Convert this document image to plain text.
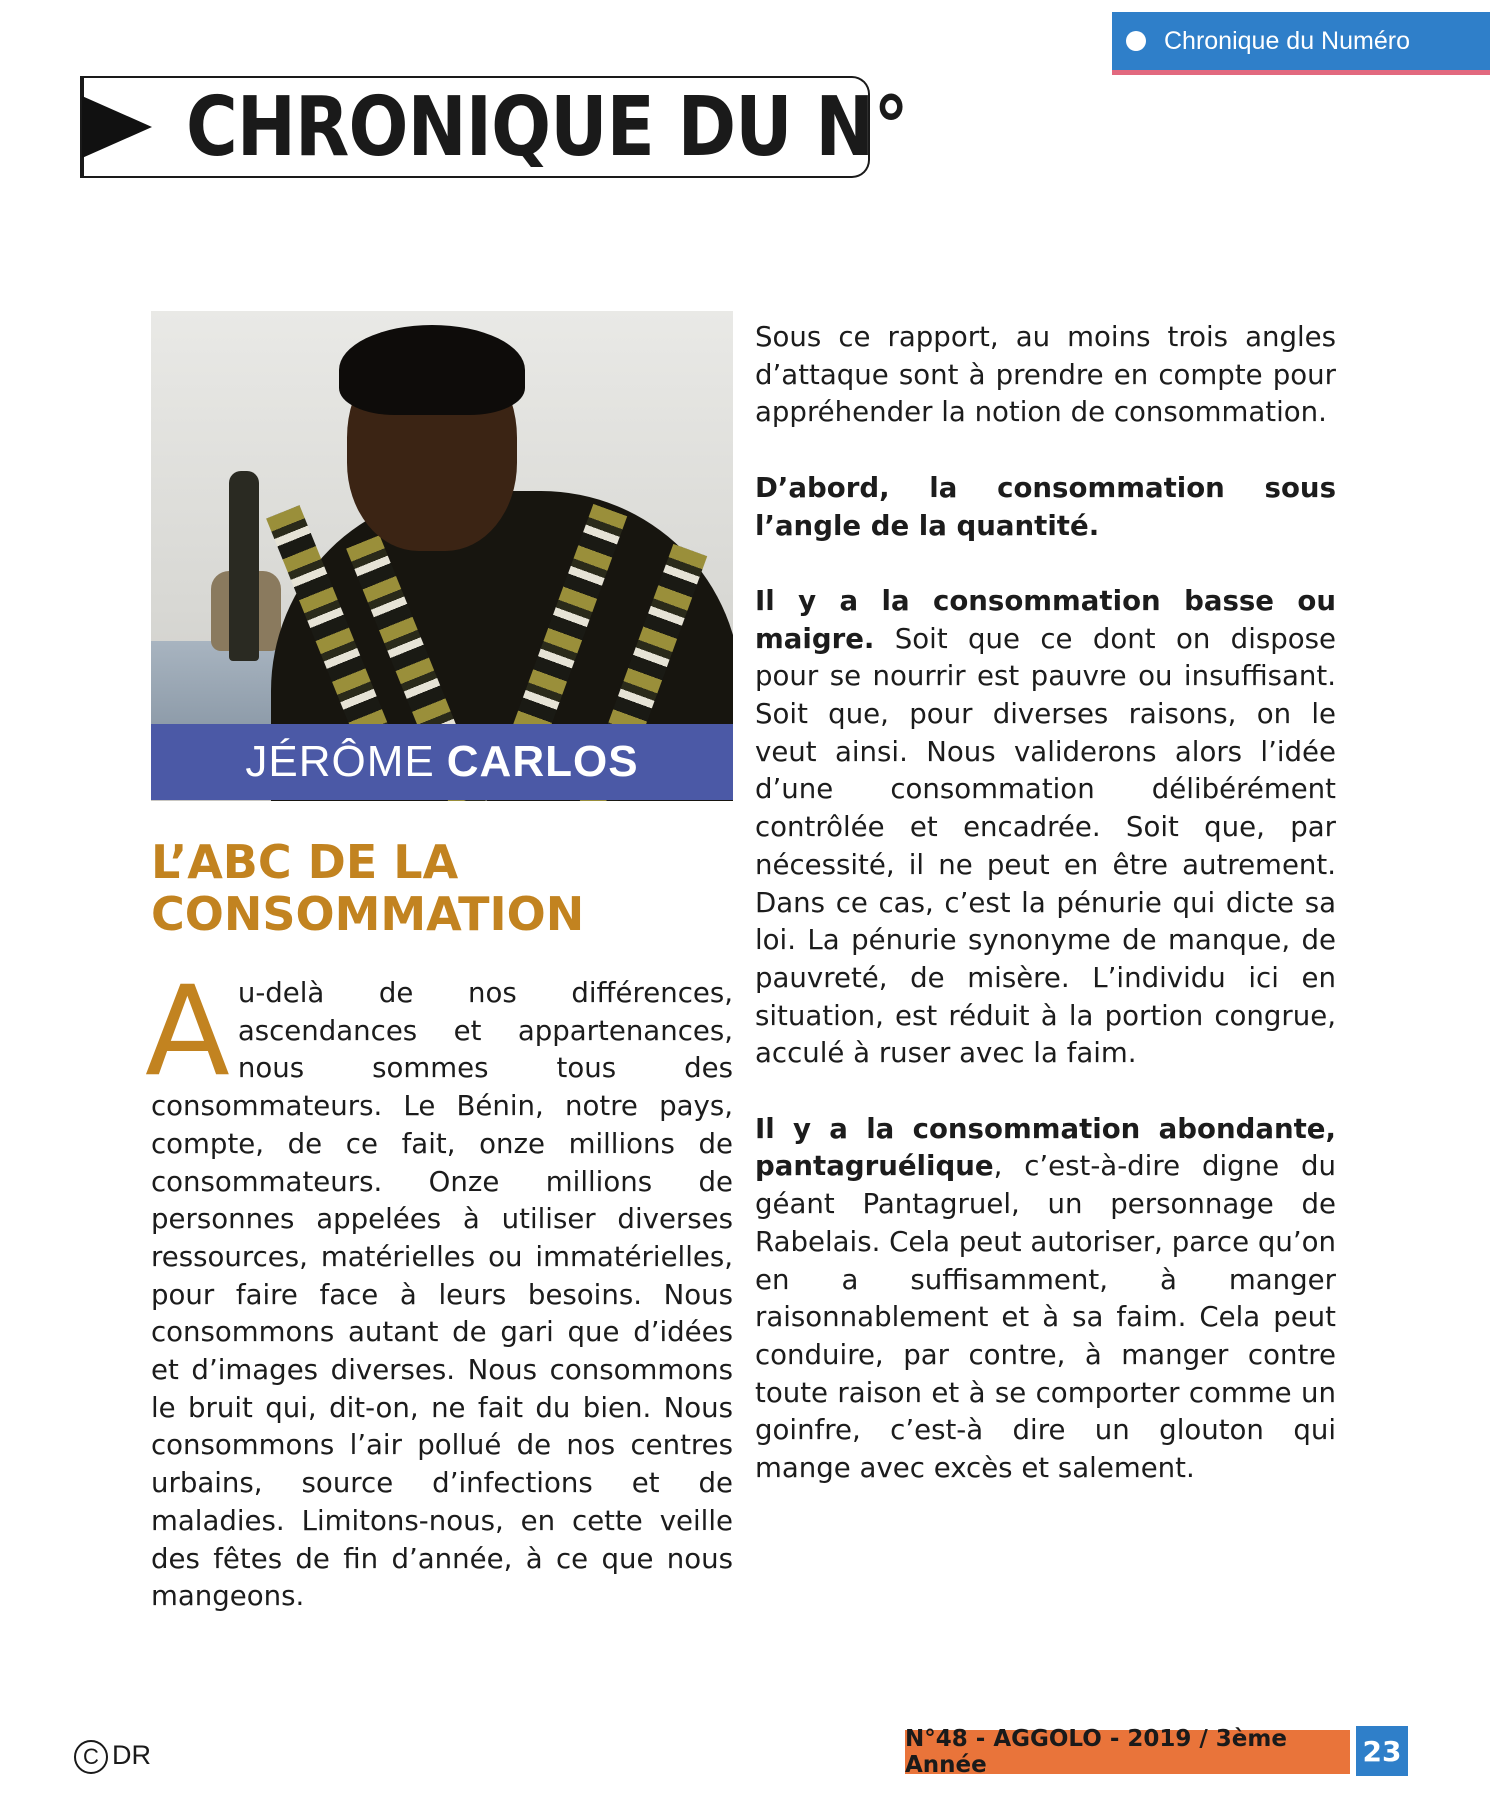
Chronique du Numéro
CHRONIQUE DU N°
JÉRÔME CARLOS
L’ABC DE LA CONSOMMATION

Au-delà de nos différences, ascendances et appartenances, nous sommes tous des consommateurs. Le Bénin, notre pays, compte, de ce fait, onze millions de consommateurs. Onze millions de personnes appelées à utiliser diverses ressources, matérielles ou immatérielles, pour faire face à leurs besoins. Nous consommons autant de gari que d’idées et d’images diverses. Nous consommons le bruit qui, dit-on, ne fait du bien. Nous consommons l’air pollué de nos centres urbains, source d’infections et de maladies. Limitons-nous, en cette veille des fêtes de fin d’année, à ce que nous mangeons.

Sous ce rapport, au moins trois angles d’attaque sont à prendre en compte pour appréhender la notion de consommation.

D’abord, la consommation sous l’angle de la quantité.

Il y a la consommation basse ou maigre. Soit que ce dont on dispose pour se nourrir est pauvre ou insuffisant. Soit que, pour diverses raisons, on le veut ainsi. Nous validerons alors l’idée d’une consommation délibérément contrôlée et encadrée. Soit que, par nécessité, il ne peut en être autrement. Dans ce cas, c’est la pénurie qui dicte sa loi. La pénurie synonyme de manque, de pauvreté, de misère. L’individu ici en situation, est réduit à la portion congrue, acculé à ruser avec la faim.

Il y a la consommation abondante, pantagruélique, c’est-à-dire digne du géant Pantagruel, un personnage de Rabelais. Cela peut autoriser, parce qu’on en a suffisamment, à manger raisonnablement et à sa faim. Cela peut conduire, par contre, à manger contre toute raison et à se comporter comme un goinfre, c’est-à dire un glouton qui mange avec excès et salement.

C DR
N°48 - AGGOLO - 2019 / 3ème Année	23
